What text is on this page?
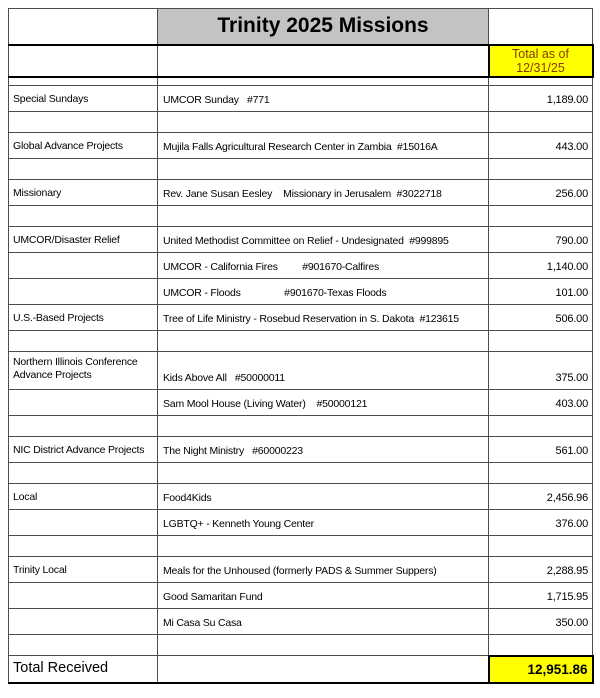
	Trinity 2025 Missions	
		Total as of 12/31/25

Special Sundays	UMCOR Sunday   #771	1,189.00

Global Advance Projects	Mujila Falls Agricultural Research Center in Zambia  #15016A	443.00

Missionary	Rev. Jane Susan Eesley    Missionary in Jerusalem  #3022718	256.00

UMCOR/Disaster Relief	United Methodist Committee on Relief - Undesignated  #999895	790.00
	UMCOR - California Fires         #901670-Calfires	1,140.00
	UMCOR - Floods                #901670-Texas Floods	101.00
U.S.-Based Projects	Tree of Life Ministry - Rosebud Reservation in S. Dakota  #123615	506.00

Northern Illinois Conference Advance Projects	Kids Above All   #50000011	375.00
	Sam Mool House (Living Water)    #50000121	403.00

NIC District Advance Projects	The Night Ministry   #60000223	561.00

Local	Food4Kids	2,456.96
	LGBTQ+ - Kenneth Young Center	376.00

Trinity Local	Meals for the Unhoused (formerly PADS & Summer Suppers)	2,288.95
	Good Samaritan Fund	1,715.95
	Mi Casa Su Casa	350.00

Total Received		12,951.86
